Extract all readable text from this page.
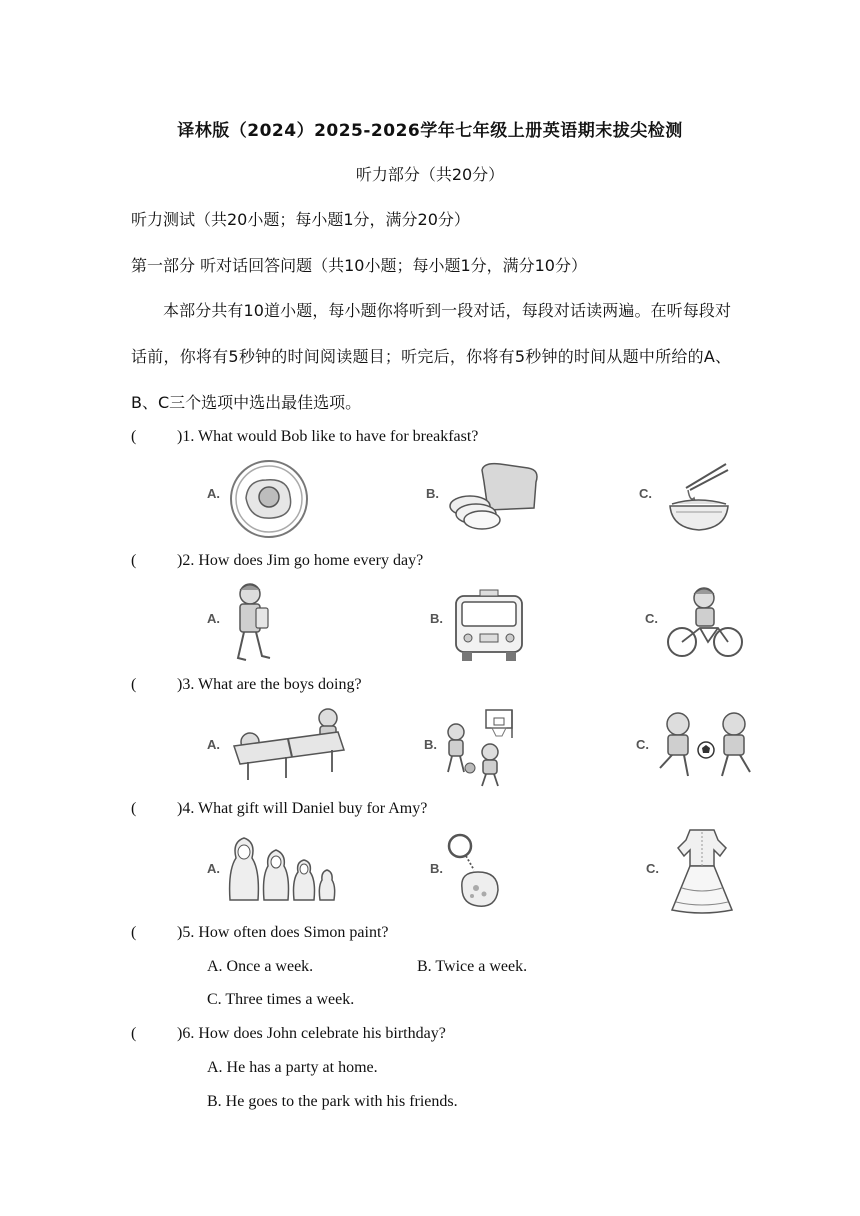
译林版（2024）2025-2026学年七年级上册英语期末拔尖检测
听力部分（共20分）
听力测试（共20小题；每小题1分，满分20分）
第一部分 听对话回答问题（共10小题；每小题1分，满分10分）
本部分共有10道小题，每小题你将听到一段对话，每段对话读两遍。在听每段对话前，你将有5秒钟的时间阅读题目；听完后，你将有5秒钟的时间从题中所给的A、B、C三个选项中选出最佳选项。
(	)1. What would Bob like to have for breakfast?
A.	B.	C.
(	)2. How does Jim go home every day?
A.	B.	C.
(	)3. What are the boys doing?
A.	B.	C.
(	)4. What gift will Daniel buy for Amy?
A.	B.	C.
(	)5. How often does Simon paint?
A. Once a week.	B. Twice a week.
C. Three times a week.
(	)6. How does John celebrate his birthday?
A. He has a party at home.
B. He goes to the park with his friends.
